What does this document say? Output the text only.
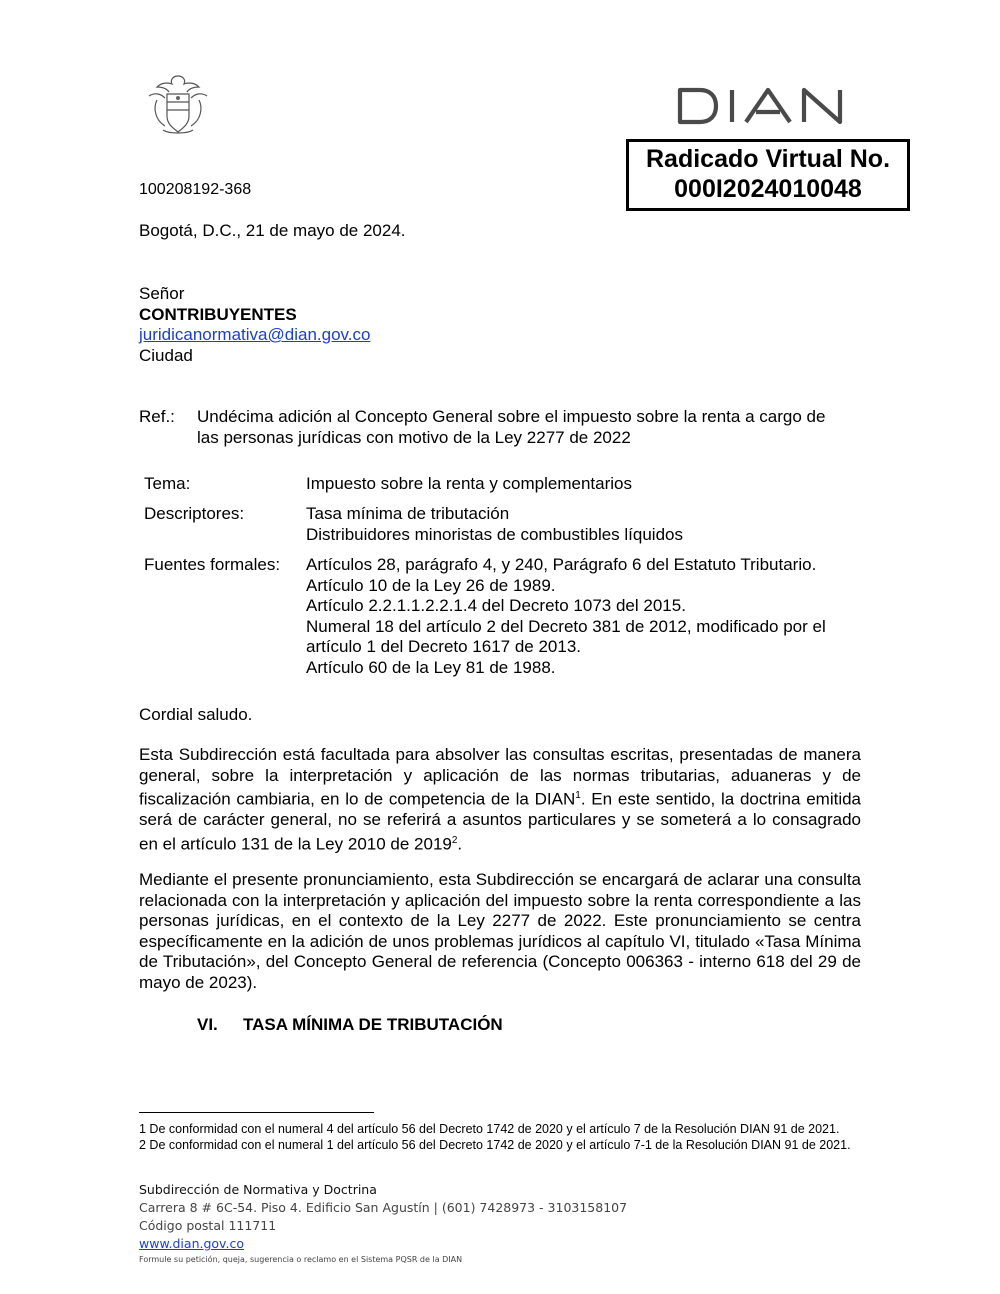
Radicado Virtual No.
000I2024010048
100208192-368
Bogotá, D.C., 21 de mayo de 2024.
Señor
CONTRIBUYENTES
juridicanormativa@dian.gov.co
Ciudad
Ref.: Undécima adición al Concepto General sobre el impuesto sobre la renta a cargo de
las personas jurídicas con motivo de la Ley 2277 de 2022
Tema:	Impuesto sobre la renta y complementarios
Descriptores:	Tasa mínima de tributación
Distribuidores minoristas de combustibles líquidos
Fuentes formales: Artículos 28, parágrafo 4, y 240, Parágrafo 6 del Estatuto Tributario.
Artículo 10 de la Ley 26 de 1989.
Artículo 2.2.1.1.2.2.1.4 del Decreto 1073 del 2015.
Numeral 18 del artículo 2 del Decreto 381 de 2012, modificado por el
artículo 1 del Decreto 1617 de 2013.
Artículo 60 de la Ley 81 de 1988.
Cordial saludo.
Esta Subdirección está facultada para absolver las consultas escritas, presentadas de manera general, sobre la interpretación y aplicación de las normas tributarias, aduaneras y de fiscalización cambiaria, en lo de competencia de la DIAN$^1$. En este sentido, la doctrina emitida será de carácter general, no se referirá a asuntos particulares y se someterá a lo consagrado en el artículo 131 de la Ley 2010 de 2019$^2$.
Mediante el presente pronunciamiento, esta Subdirección se encargará de aclarar una consulta relacionada con la interpretación y aplicación del impuesto sobre la renta correspondiente a las personas jurídicas, en el contexto de la Ley 2277 de 2022. Este pronunciamiento se centra específicamente en la adición de unos problemas jurídicos al capítulo VI, titulado «Tasa Mínima de Tributación», del Concepto General de referencia (Concepto 006363 - interno 618 del 29 de mayo de 2023).
VI. TASA MÍNIMA DE TRIBUTACIÓN
1 De conformidad con el numeral 4 del artículo 56 del Decreto 1742 de 2020 y el artículo 7 de la Resolución DIAN 91 de 2021.
2 De conformidad con el numeral 1 del artículo 56 del Decreto 1742 de 2020 y el artículo 7-1 de la Resolución DIAN 91 de 2021.
Subdirección de Normativa y Doctrina
Carrera 8 # 6C-54. Piso 4. Edificio San Agustín | (601) 7428973 - 3103158107
Código postal 111711
www.dian.gov.co
Formule su petición, queja, sugerencia o reclamo en el Sistema PQSR de la DIAN
